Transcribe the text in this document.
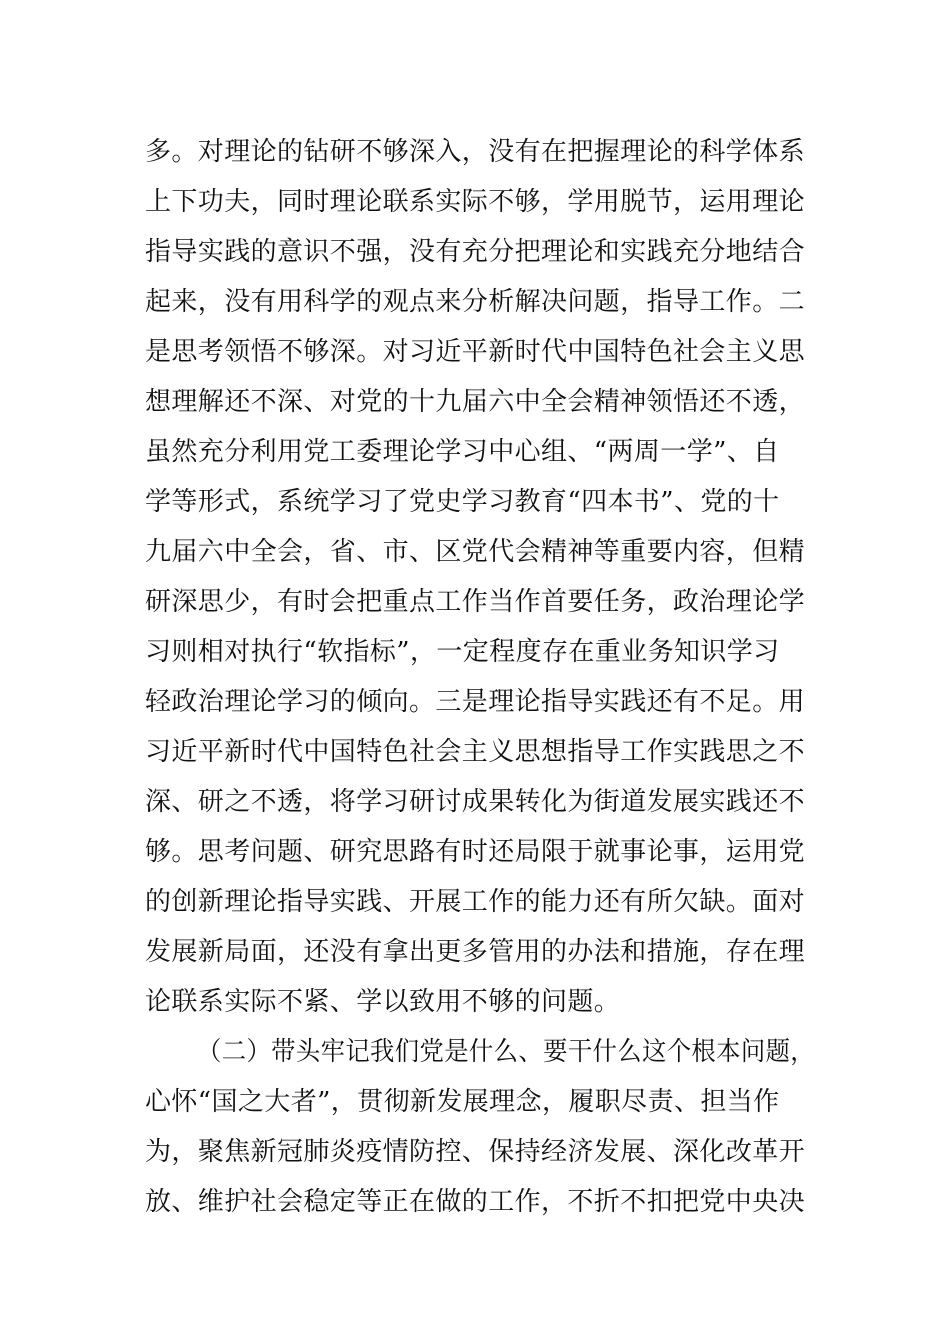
多。对理论的钻研不够深入，没有在把握理论的科学体系
上下功夫，同时理论联系实际不够，学用脱节，运用理论
指导实践的意识不强，没有充分把理论和实践充分地结合
起来，没有用科学的观点来分析解决问题，指导工作。二
是思考领悟不够深。对习近平新时代中国特色社会主义思
想理解还不深、对党的十九届六中全会精神领悟还不透，
虽然充分利用党工委理论学习中心组、“两周一学”、自
学等形式，系统学习了党史学习教育“四本书”、党的十
九届六中全会，省、市、区党代会精神等重要内容，但精
研深思少，有时会把重点工作当作首要任务，政治理论学
习则相对执行“软指标”，一定程度存在重业务知识学习
轻政治理论学习的倾向。三是理论指导实践还有不足。用
习近平新时代中国特色社会主义思想指导工作实践思之不
深、研之不透，将学习研讨成果转化为街道发展实践还不
够。思考问题、研究思路有时还局限于就事论事，运用党
的创新理论指导实践、开展工作的能力还有所欠缺。面对
发展新局面，还没有拿出更多管用的办法和措施，存在理
论联系实际不紧、学以致用不够的问题。
（二）带头牢记我们党是什么、要干什么这个根本问题，
心怀“国之大者”，贯彻新发展理念，履职尽责、担当作
为，聚焦新冠肺炎疫情防控、保持经济发展、深化改革开
放、维护社会稳定等正在做的工作，不折不扣把党中央决
